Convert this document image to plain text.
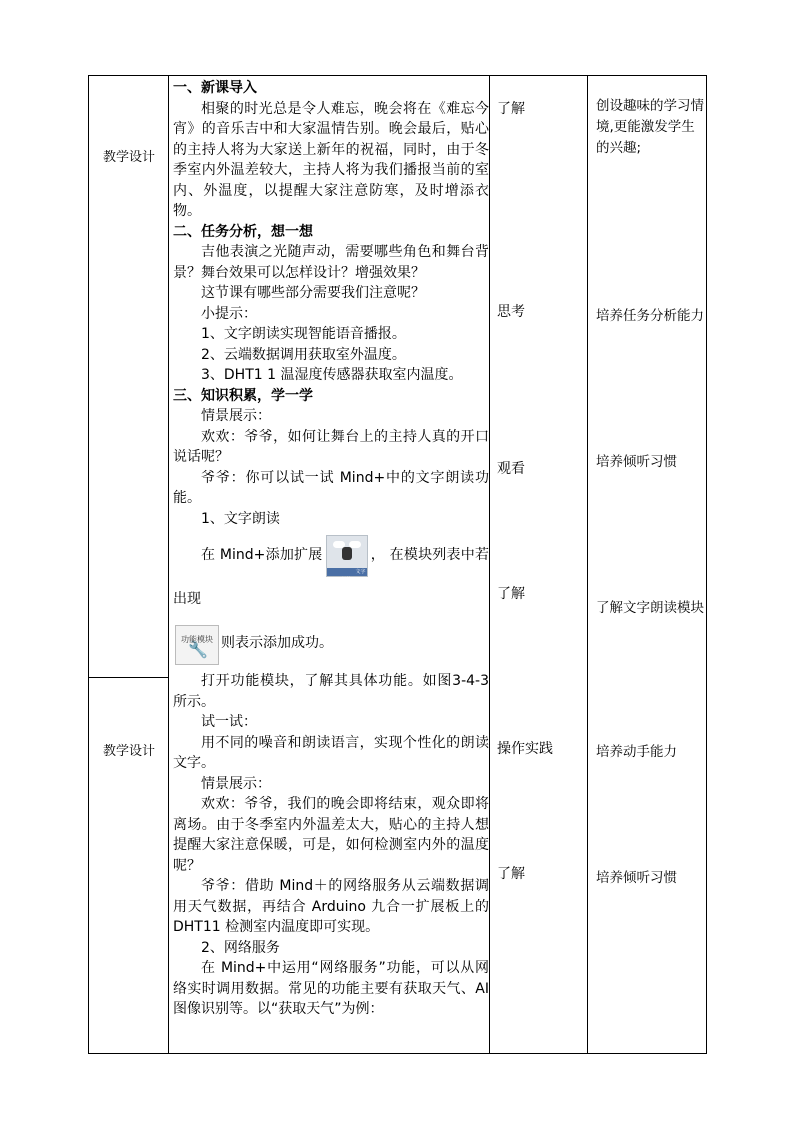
教学设计
教学设计

一、新课导入

相聚的时光总是令人难忘，晚会将在《难忘今宵》的音乐吉中和大家温情告别。晚会最后，贴心的主持人将为大家送上新年的祝福，同时，由于冬季室内外温差较大，主持人将为我们播报当前的室内、外温度，以提醒大家注意防寒，及时增添衣物。

二、任务分析，想一想

吉他表演之光随声动，需要哪些角色和舞台背景？舞台效果可以怎样设计？增强效果？

这节课有哪些部分需要我们注意呢？

小提示：

1、文字朗读实现智能语音播报。

2、云端数据调用获取室外温度。

3、DHT1 1 温湿度传感器获取室内温度。

三、知识积累，学一学

情景展示：

欢欢：爷爷，如何让舞台上的主持人真的开口说话呢？

爷爷：你可以试一试 Mind+中的文字朗读功能。

1、文字朗读

在 Mind+添加扩展
文字朗读
， 在模块列表中若出现

🔧
功能模块 则表示添加成功。

打开功能模块，了解其具体功能。如图3-4-3 所示。

试一试：

用不同的噪音和朗读语言，实现个性化的朗读文字。

情景展示：

欢欢：爷爷，我们的晚会即将结束，观众即将离场。由于冬季室内外温差太大，贴心的主持人想提醒大家注意保暖，可是，如何检测室内外的温度呢？

爷爷：借助 Mind＋的网络服务从云端数据调用天气数据，再结合 Arduino 九合一扩展板上的 DHT11 检测室内温度即可实现。

2、网络服务

在 Mind+中运用“网络服务”功能，可以从网络实时调用数据。常见的功能主要有获取天气、AI 图像识别等。以“获取天气”为例：

了解
思考
观看
了解
操作实践
了解
创设趣味的学习情境,更能激发学生的兴趣;
培养任务分析能力
培养倾听习惯
了解文字朗读模块
培养动手能力
培养倾听习惯
